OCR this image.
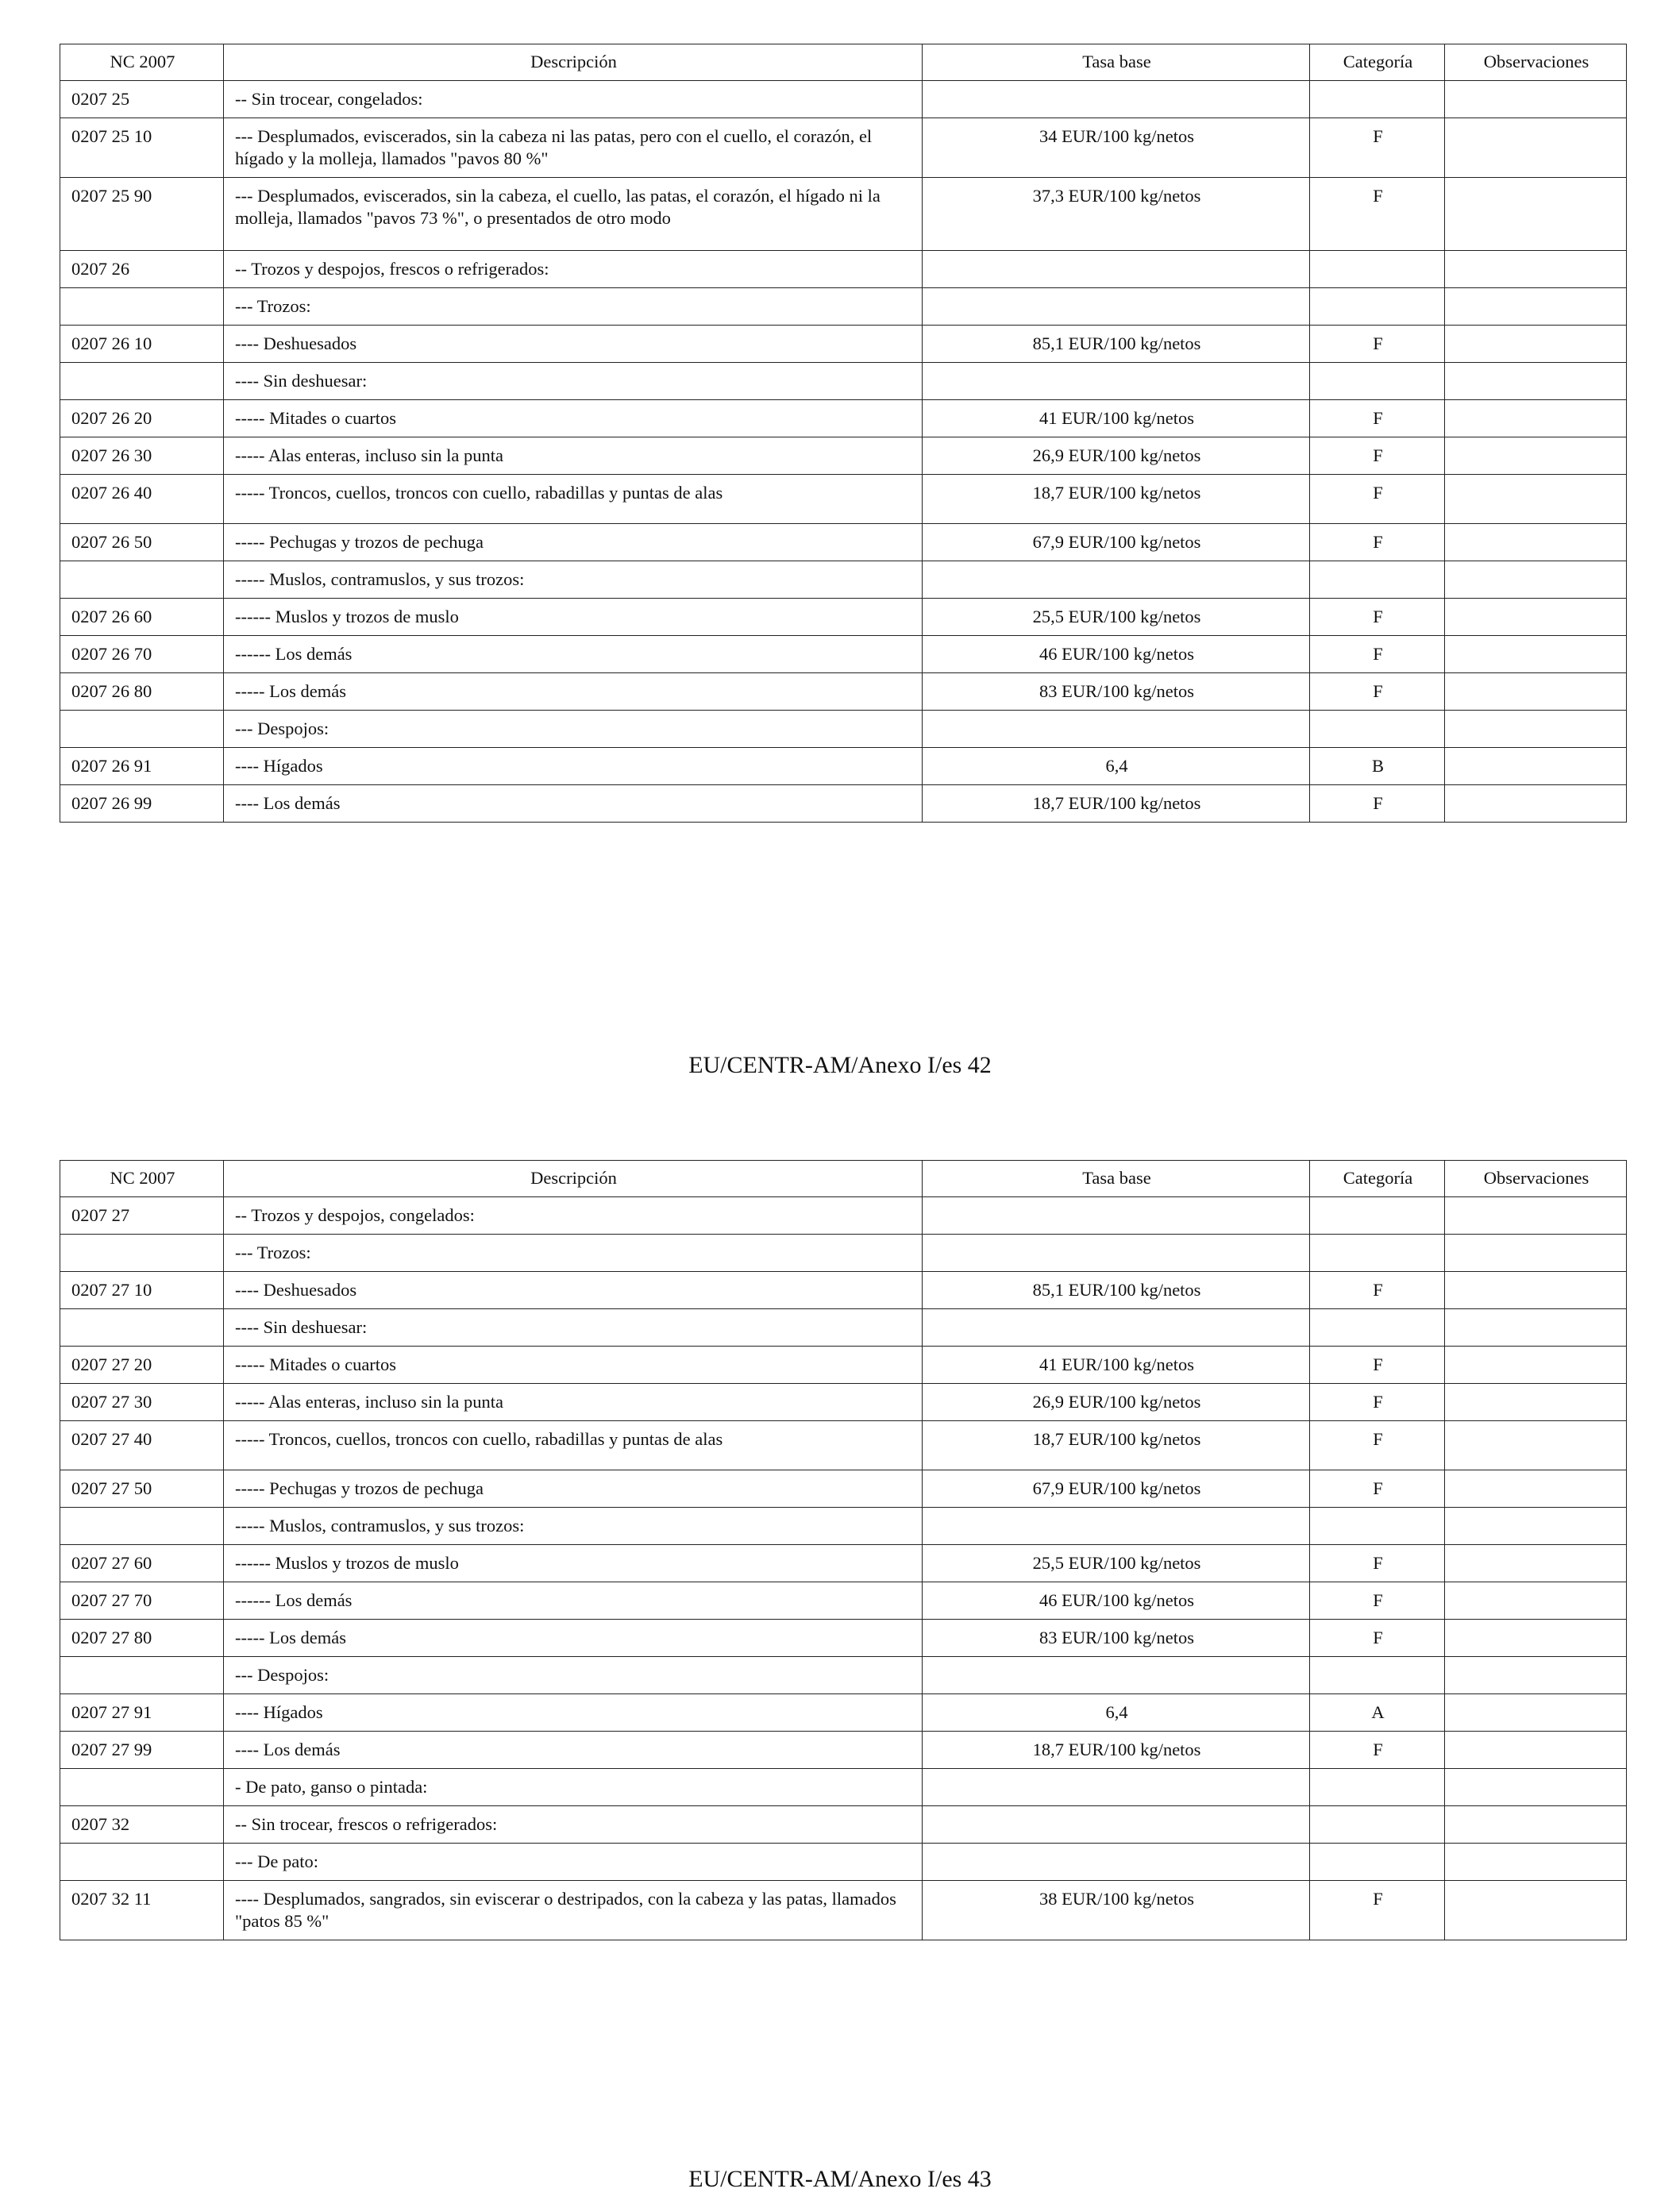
NC 2007	Descripción	Tasa base	Categoría	Observaciones
0207 25	-- Sin trocear, congelados:			
0207 25 10	--- Desplumados, eviscerados, sin la cabeza ni las patas, pero con el cuello, el corazón, el hígado y la molleja, llamados "pavos 80 %"	34 EUR/100 kg/netos	F	
0207 25 90	--- Desplumados, eviscerados, sin la cabeza, el cuello, las patas, el corazón, el hígado ni la molleja, llamados "pavos 73 %", o presentados de otro modo	37,3 EUR/100 kg/netos	F	
0207 26	-- Trozos y despojos, frescos o refrigerados:			
	--- Trozos:			
0207 26 10	---- Deshuesados	85,1 EUR/100 kg/netos	F	
	---- Sin deshuesar:			
0207 26 20	----- Mitades o cuartos	41 EUR/100 kg/netos	F	
0207 26 30	----- Alas enteras, incluso sin la punta	26,9 EUR/100 kg/netos	F	
0207 26 40	----- Troncos, cuellos, troncos con cuello, rabadillas y puntas de alas	18,7 EUR/100 kg/netos	F	
0207 26 50	----- Pechugas y trozos de pechuga	67,9 EUR/100 kg/netos	F	
	----- Muslos, contramuslos, y sus trozos:			
0207 26 60	------ Muslos y trozos de muslo	25,5 EUR/100 kg/netos	F	
0207 26 70	------ Los demás	46 EUR/100 kg/netos	F	
0207 26 80	----- Los demás	83 EUR/100 kg/netos	F	
	--- Despojos:			
0207 26 91	---- Hígados	6,4	B	
0207 26 99	---- Los demás	18,7 EUR/100 kg/netos	F	
EU/CENTR-AM/Anexo I/es 42
NC 2007	Descripción	Tasa base	Categoría	Observaciones
0207 27	-- Trozos y despojos, congelados:			
	--- Trozos:			
0207 27 10	---- Deshuesados	85,1 EUR/100 kg/netos	F	
	---- Sin deshuesar:			
0207 27 20	----- Mitades o cuartos	41 EUR/100 kg/netos	F	
0207 27 30	----- Alas enteras, incluso sin la punta	26,9 EUR/100 kg/netos	F	
0207 27 40	----- Troncos, cuellos, troncos con cuello, rabadillas y puntas de alas	18,7 EUR/100 kg/netos	F	
0207 27 50	----- Pechugas y trozos de pechuga	67,9 EUR/100 kg/netos	F	
	----- Muslos, contramuslos, y sus trozos:			
0207 27 60	------ Muslos y trozos de muslo	25,5 EUR/100 kg/netos	F	
0207 27 70	------ Los demás	46 EUR/100 kg/netos	F	
0207 27 80	----- Los demás	83 EUR/100 kg/netos	F	
	--- Despojos:			
0207 27 91	---- Hígados	6,4	A	
0207 27 99	---- Los demás	18,7 EUR/100 kg/netos	F	
	- De pato, ganso o pintada:			
0207 32	-- Sin trocear, frescos o refrigerados:			
	--- De pato:			
0207 32 11	---- Desplumados, sangrados, sin eviscerar o destripados, con la cabeza y las patas, llamados "patos 85 %"	38 EUR/100 kg/netos	F	
EU/CENTR-AM/Anexo I/es 43
